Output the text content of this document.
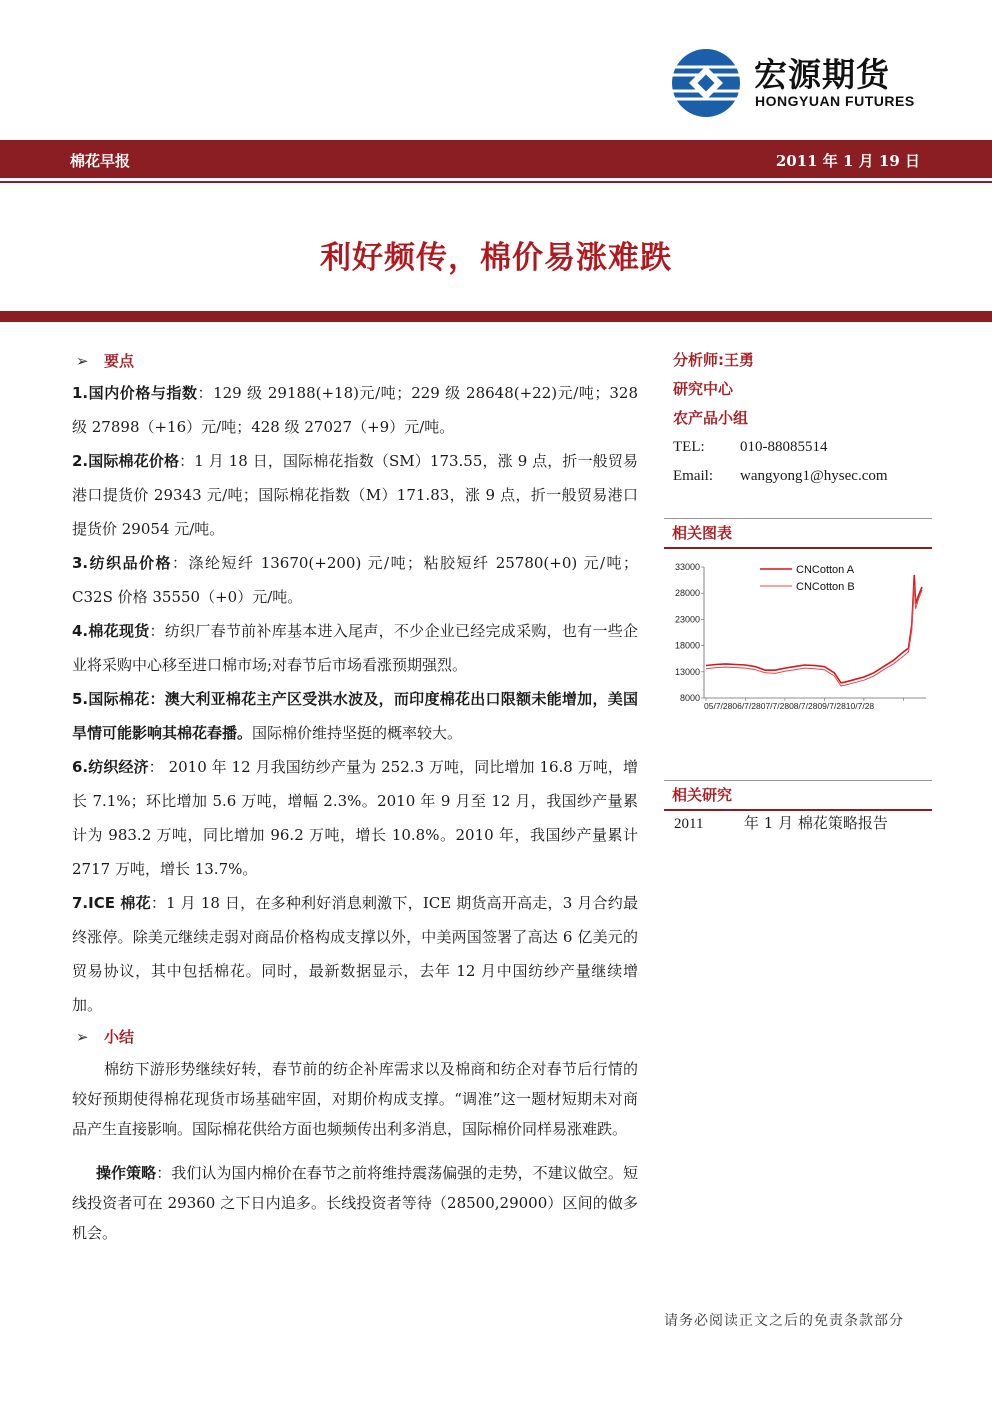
宏源期货
HONGYUAN FUTURES
棉花早报	2011 年 1 月 19 日
利好频传，棉价易涨难跌
➢ 要点

1.国内价格与指数：129 级 29188(+18)元/吨；229 级 28648(+22)元/吨；328 级 27898（+16）元/吨；428 级 27027（+9）元/吨。

2.国际棉花价格：1 月 18 日，国际棉花指数（SM）173.55，涨 9 点，折一般贸易港口提货价 29343 元/吨；国际棉花指数（M）171.83，涨 9 点，折一般贸易港口提货价 29054 元/吨。

3.纺织品价格：涤纶短纤 13670(+200) 元/吨；粘胶短纤 25780(+0) 元/吨；C32S 价格 35550（+0）元/吨。

4.棉花现货：纺织厂春节前补库基本进入尾声，不少企业已经完成采购，也有一些企业将采购中心移至进口棉市场;对春节后市场看涨预期强烈。

5.国际棉花：澳大利亚棉花主产区受洪水波及，而印度棉花出口限额未能增加，美国旱情可能影响其棉花春播。国际棉价维持坚挺的概率较大。

6.纺织经济： 2010 年 12 月我国纺纱产量为 252.3 万吨，同比增加 16.8 万吨，增长 7.1%；环比增加 5.6 万吨，增幅 2.3%。2010 年 9 月至 12 月，我国纱产量累计为 983.2 万吨，同比增加 96.2 万吨，增长 10.8%。2010 年，我国纱产量累计 2717 万吨，增长 13.7%。

7.ICE 棉花：1 月 18 日，在多种利好消息刺激下，ICE 期货高开高走，3 月合约最终涨停。除美元继续走弱对商品价格构成支撑以外，中美两国签署了高达 6 亿美元的贸易协议，其中包括棉花。同时，最新数据显示，去年 12 月中国纺纱产量继续增加。

➢ 小结

棉纺下游形势继续好转，春节前的纺企补库需求以及棉商和纺企对春节后行情的较好预期使得棉花现货市场基础牢固，对期价构成支撑。“调准”这一题材短期未对商品产生直接影响。国际棉花供给方面也频频传出利多消息，国际棉价同样易涨难跌。

操作策略：我们认为国内棉价在春节之前将维持震荡偏强的走势，不建议做空。短线投资者可在 29360 之下日内追多。长线投资者等待（28500,29000）区间的做多机会。

分析师:王勇
研究中心
农产品小组
TEL: 010-88085514
Email: wangyong1@hysec.com
相关图表
8000
13000
18000
23000
28000
33000
05/7/2806/7/2807/7/2808/7/2809/7/2810/7/28
CNCotton A
CNCotton B
相关研究
2011	年 1 月 棉花策略报告
请务必阅读正文之后的免责条款部分
